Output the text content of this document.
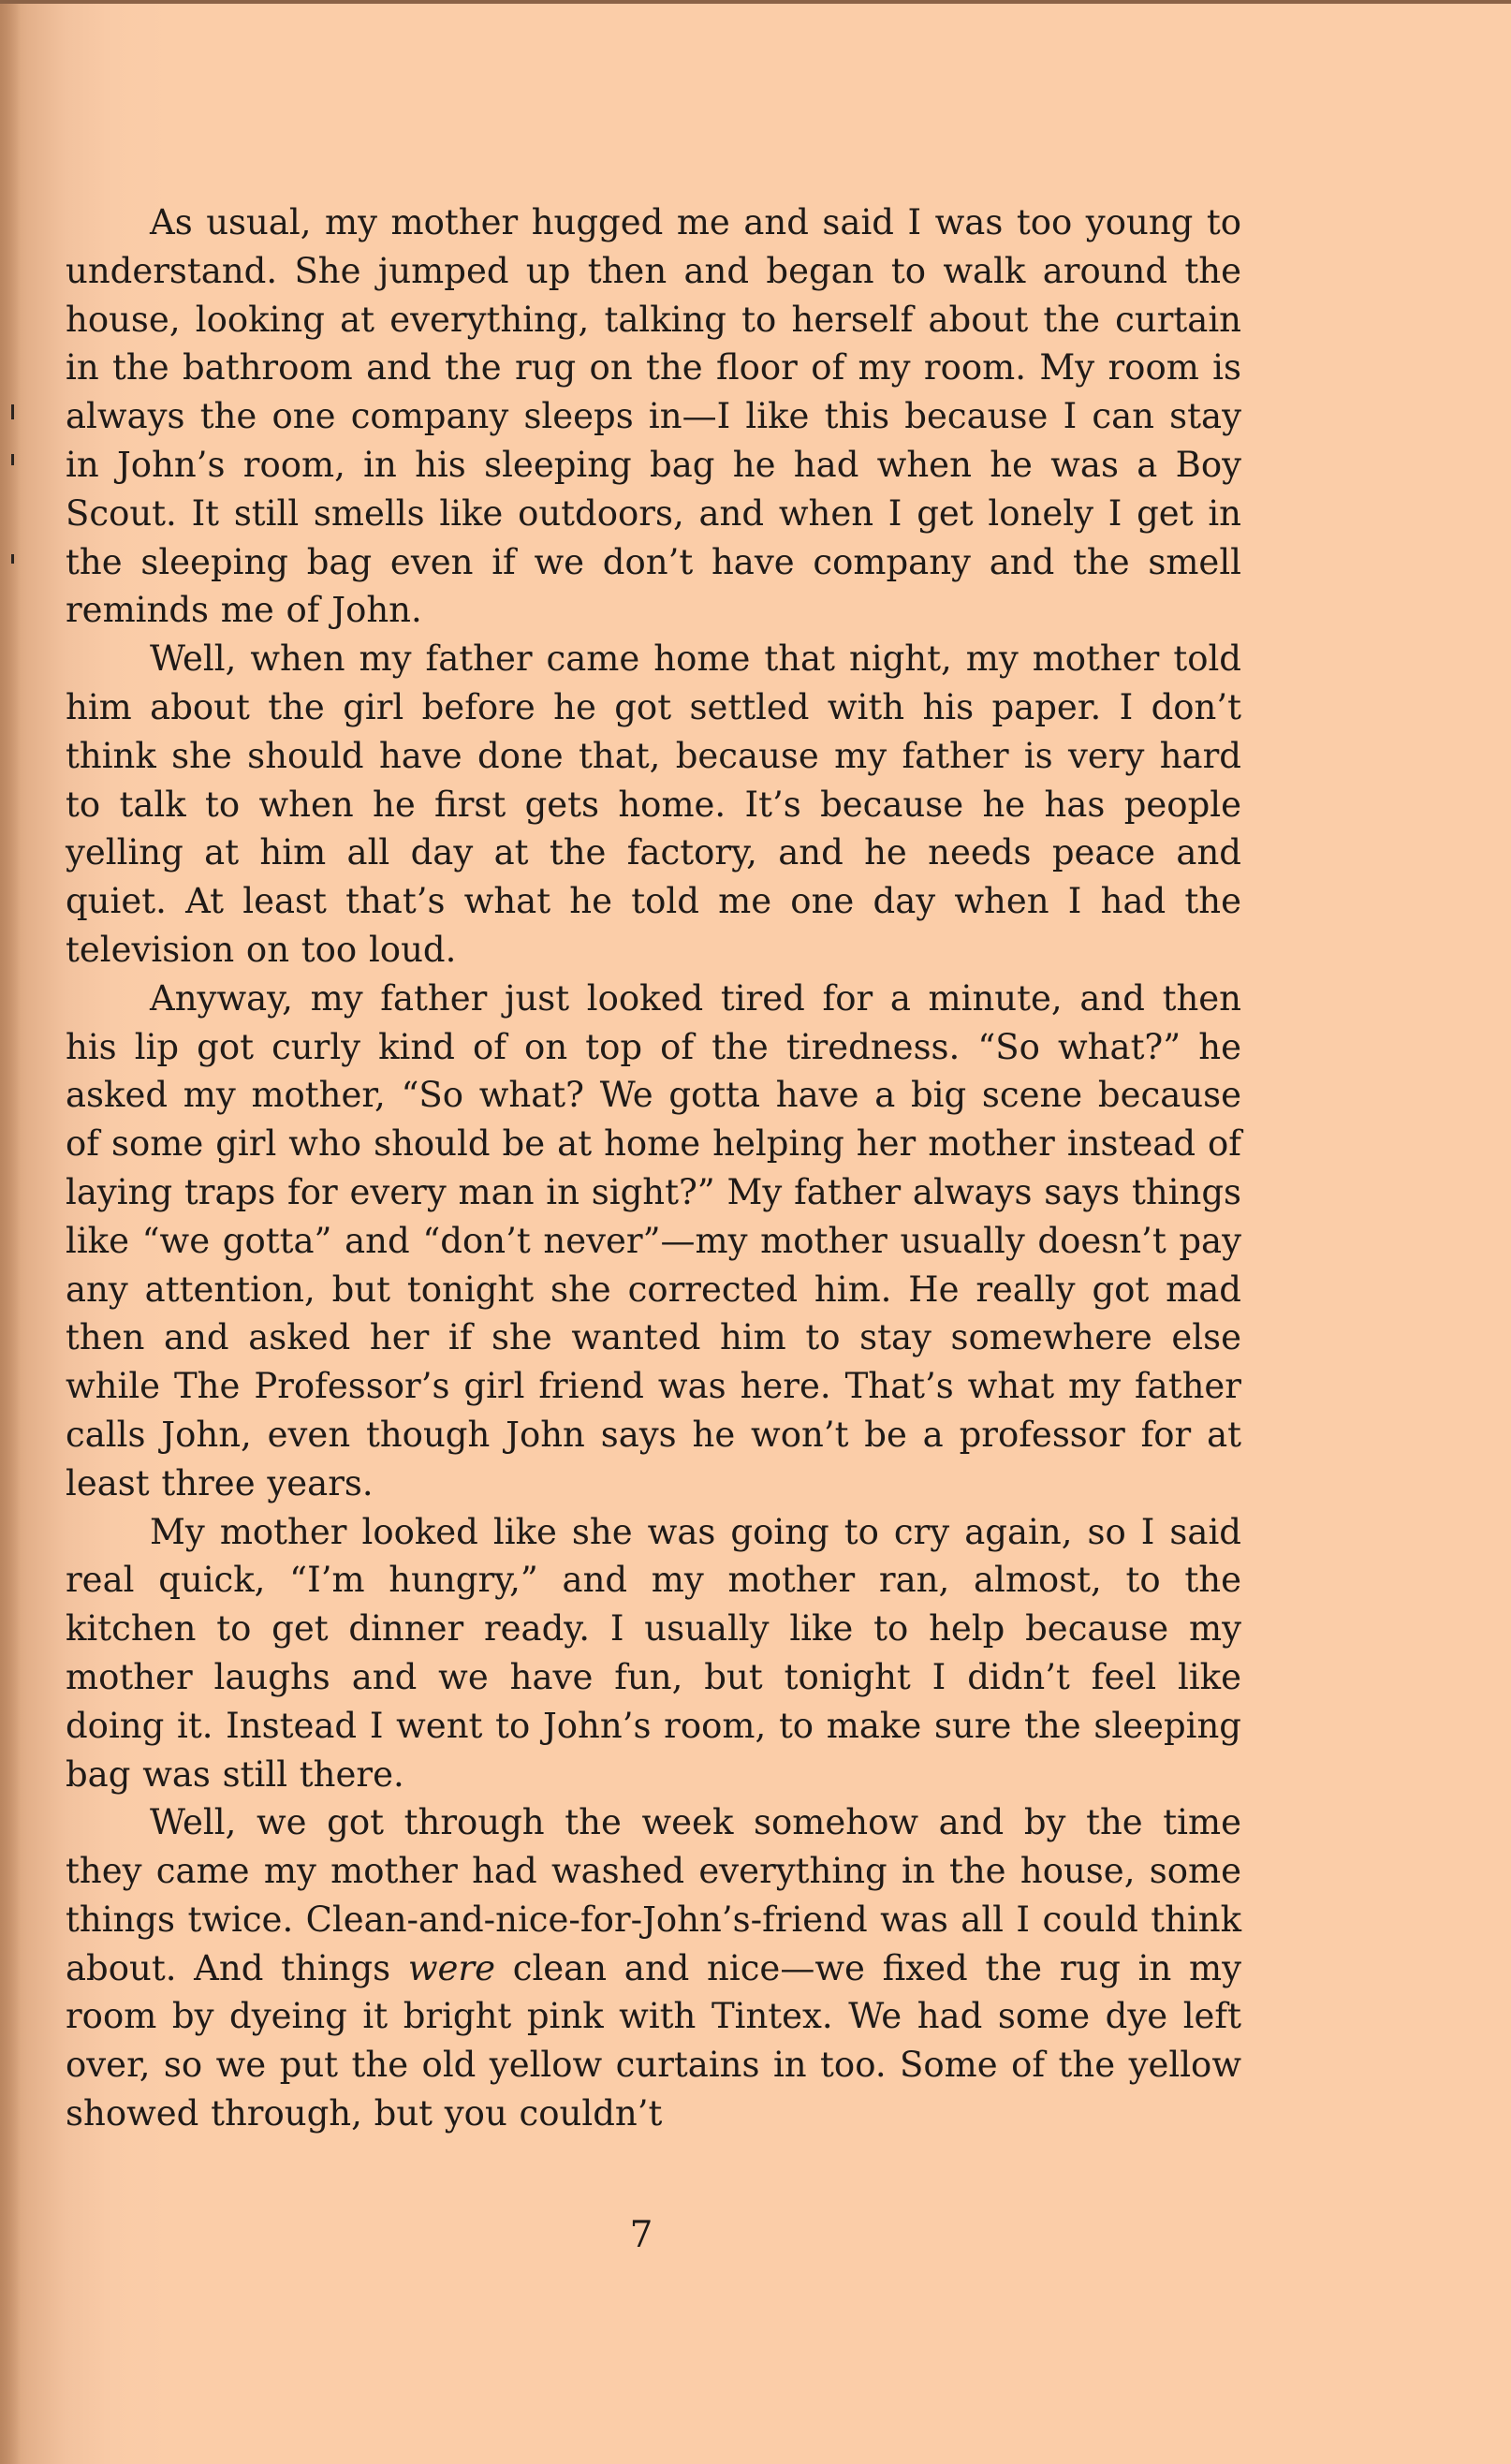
As usual, my mother hugged me and said I was too young to understand. She jumped up then and began to walk around the house, looking at everything, talking to herself about the curtain in the bathroom and the rug on the floor of my room. My room is always the one company sleeps in—I like this because I can stay in John’s room, in his sleeping bag he had when he was a Boy Scout. It still smells like outdoors, and when I get lonely I get in the sleeping bag even if we don’t have company and the smell reminds me of John.

Well, when my father came home that night, my mother told him about the girl before he got settled with his paper. I don’t think she should have done that, because my father is very hard to talk to when he first gets home. It’s because he has people yelling at him all day at the factory, and he needs peace and quiet. At least that’s what he told me one day when I had the television on too loud.

Anyway, my father just looked tired for a minute, and then his lip got curly kind of on top of the tiredness. “So what?” he asked my mother, “So what? We gotta have a big scene because of some girl who should be at home helping her mother instead of laying traps for every man in sight?” My father always says things like “we gotta” and “don’t never”—my mother usually doesn’t pay any attention, but tonight she corrected him. He really got mad then and asked her if she wanted him to stay somewhere else while The Professor’s girl friend was here. That’s what my father calls John, even though John says he won’t be a professor for at least three years.

My mother looked like she was going to cry again, so I said real quick, “I’m hungry,” and my mother ran, almost, to the kitchen to get dinner ready. I usually like to help because my mother laughs and we have fun, but tonight I didn’t feel like doing it. Instead I went to John’s room, to make sure the sleeping bag was still there.

Well, we got through the week somehow and by the time they came my mother had washed everything in the house, some things twice. Clean-and-nice-for-John’s-friend was all I could think about. And things were clean and nice—we fixed the rug in my room by dyeing it bright pink with Tintex. We had some dye left over, so we put the old yellow curtains in too. Some of the yellow showed through, but you couldn’t

7
